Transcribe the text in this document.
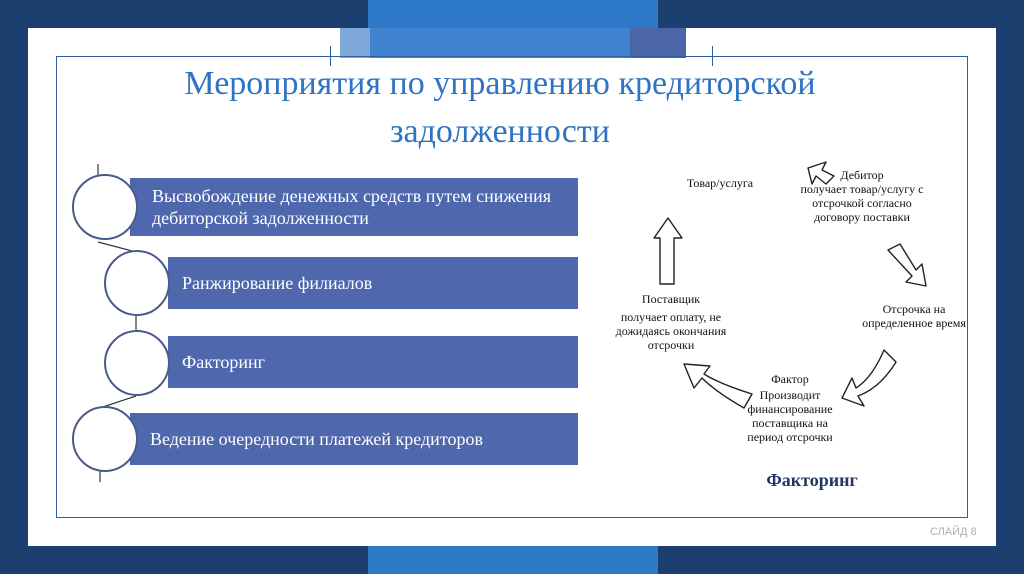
Мероприятия по управлению кредиторской
задолженности
Высвобождение денежных средств путем снижения дебиторской задолженности
Ранжирование филиалов
Факторинг
Ведение очередности платежей кредиторов
Товар/услуга
Дебитор
получает товар/услугу с отсрочкой согласно договору поставки
Отсрочка на определенное время
Фактор
Производит финансирование поставщика на период отсрочки
Поставщик
получает оплату, не дожидаясь окончания отсрочки
Факторинг
СЛАЙД 8
